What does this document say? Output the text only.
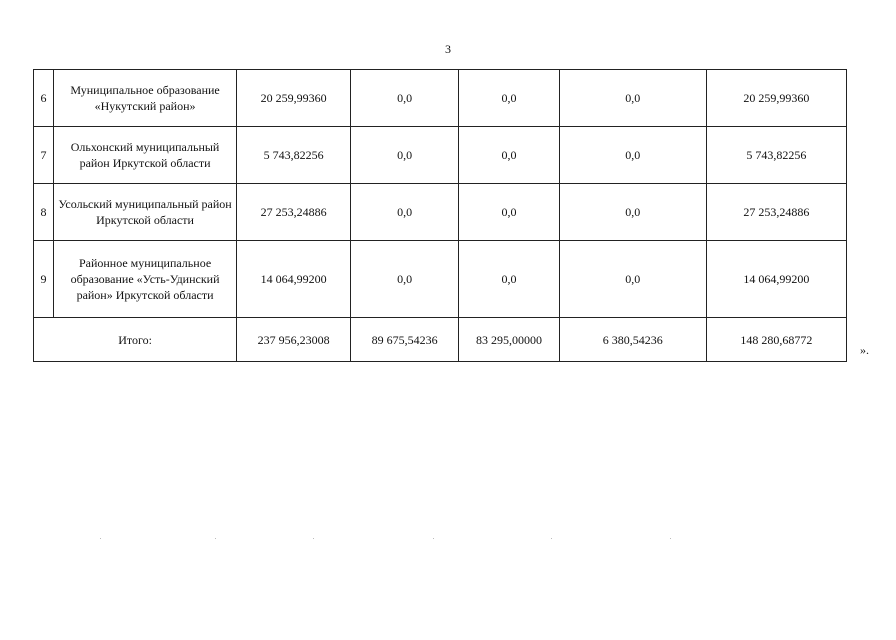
3
6	Муниципальное образование «Нукутский район»	20 259,99360	0,0	0,0	0,0	20 259,99360
7	Ольхонский муниципальный район Иркутской области	5 743,82256	0,0	0,0	0,0	5 743,82256
8	Усольский муниципальный район Иркутской области	27 253,24886	0,0	0,0	0,0	27 253,24886
9	Районное муниципальное образование «Усть-Удинский район» Иркутской области	14 064,99200	0,0	0,0	0,0	14 064,99200
Итого:		237 956,23008	89 675,54236	83 295,00000	6 380,54236	148 280,68772
».
